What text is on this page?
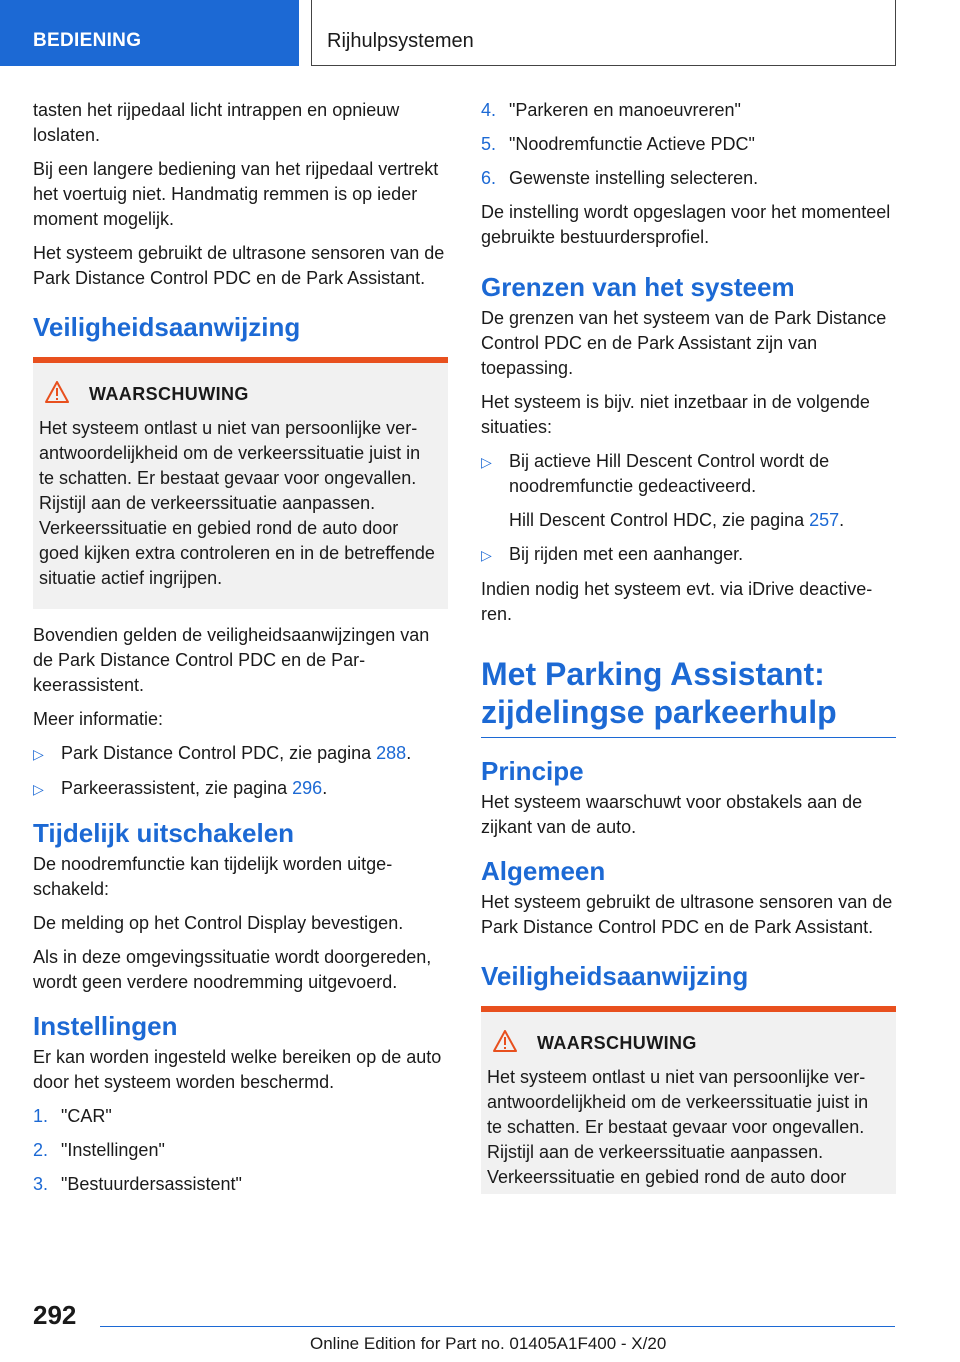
BEDIENING	Rijhulpsystemen

tasten het rijpedaal licht intrappen en opnieuw loslaten.

Bij een langere bediening van het rijpedaal vertrekt het voertuig niet. Handmatig remmen is op ieder moment mogelijk.

Het systeem gebruikt de ultrasone sensoren van de Park Distance Control PDC en de Park Assistant.

Veiligheidsaanwijzing
WAARSCHUWING

Het systeem ontlast u niet van persoonlijke verantwoordelijkheid om de verkeerssituatie juist in te schatten. Er bestaat gevaar voor ongevallen. Rijstijl aan de verkeerssituatie aanpassen. Verkeerssituatie en gebied rond de auto door goed kijken extra controleren en in de betreffende situatie actief ingrijpen.

Bovendien gelden de veiligheidsaanwijzingen van de Park Distance Control PDC en de Parkeerassistent.

Meer informatie:

▷ Park Distance Control PDC, zie pagina 288.
▷ Parkeerassistent, zie pagina 296.
Tijdelijk uitschakelen

De noodremfunctie kan tijdelijk worden uitgeschakeld:

De melding op het Control Display bevestigen.

Als in deze omgevingssituatie wordt doorgereden, wordt geen verdere noodremming uitgevoerd.

Instellingen

Er kan worden ingesteld welke bereiken op de auto door het systeem worden beschermd.

1. "CAR"
2. "Instellingen"
3. "Bestuurdersassistent"
4. "Parkeren en manoeuvreren"
5. "Noodremfunctie Actieve PDC"
6. Gewenste instelling selecteren.

De instelling wordt opgeslagen voor het momenteel gebruikte bestuurdersprofiel.

Grenzen van het systeem

De grenzen van het systeem van de Park Distance Control PDC en de Park Assistant zijn van toepassing.

Het systeem is bijv. niet inzetbaar in de volgende situaties:

▷ Bij actieve Hill Descent Control wordt de noodremfunctie gedeactiveerd.
Hill Descent Control HDC, zie pagina 257.
▷ Bij rijden met een aanhanger.

Indien nodig het systeem evt. via iDrive deactiveren.

Met Parking Assistant: zijdelingse parkeerhulp
Principe

Het systeem waarschuwt voor obstakels aan de zijkant van de auto.

Algemeen

Het systeem gebruikt de ultrasone sensoren van de Park Distance Control PDC en de Park Assistant.

Veiligheidsaanwijzing
WAARSCHUWING

Het systeem ontlast u niet van persoonlijke verantwoordelijkheid om de verkeerssituatie juist in te schatten. Er bestaat gevaar voor ongevallen. Rijstijl aan de verkeerssituatie aanpassen. Verkeerssituatie en gebied rond de auto door

292
Online Edition for Part no. 01405A1F400 - X/20
